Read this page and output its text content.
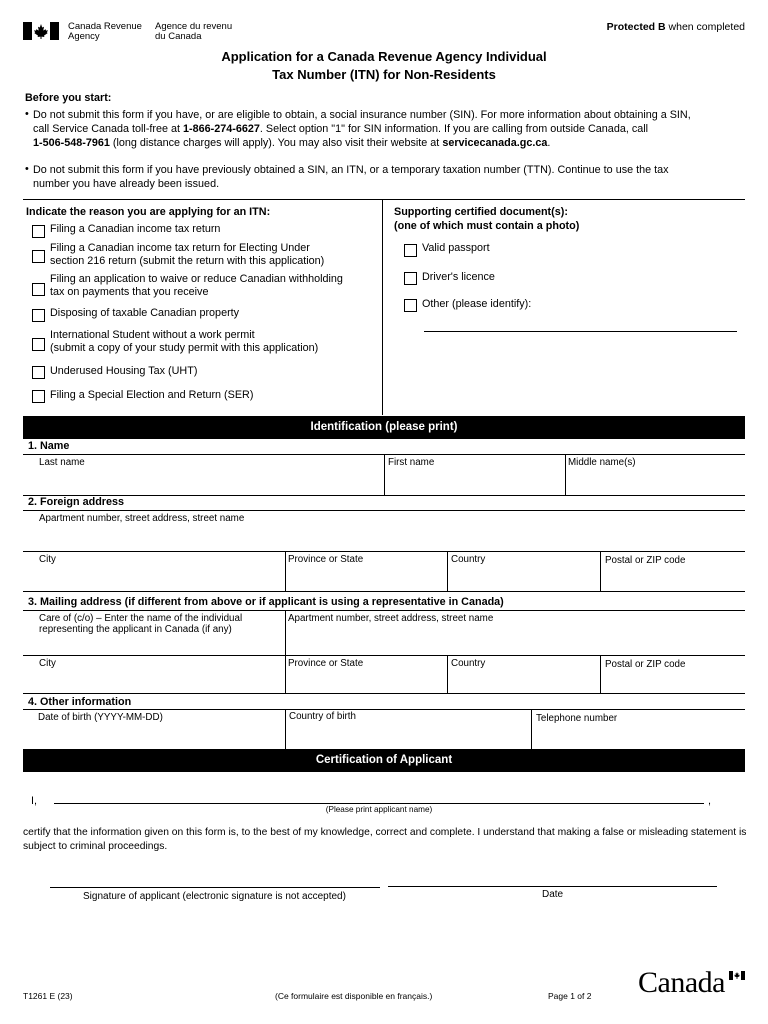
Canada Revenue
Agency
Agence du revenu
du Canada
Protected B when completed
Application for a Canada Revenue Agency Individual
Tax Number (ITN) for Non-Residents
Before you start:
• Do not submit this form if you have, or are eligible to obtain, a social insurance number (SIN). For more information about obtaining a SIN,
call Service Canada toll-free at 1-866-274-6627. Select option "1" for SIN information. If you are calling from outside Canada, call
1-506-548-7961 (long distance charges will apply). You may also visit their website at servicecanada.gc.ca.
• Do not submit this form if you have previously obtained a SIN, an ITN, or a temporary taxation number (TTN). Continue to use the tax
number you have already been issued.
Indicate the reason you are applying for an ITN:
Filing a Canadian income tax return
Filing a Canadian income tax return for Electing Under
section 216 return (submit the return with this application)
Filing an application to waive or reduce Canadian withholding
tax on payments that you receive
Disposing of taxable Canadian property
International Student without a work permit
(submit a copy of your study permit with this application)
Underused Housing Tax (UHT)
Filing a Special Election and Return (SER)
Supporting certified document(s):
(one of which must contain a photo)
Valid passport
Driver's licence
Other (please identify):
Identification (please print)
1. Name
Last name	First name	Middle name(s)
2. Foreign address
Apartment number, street address, street name
City	Province or State	Country	Postal or ZIP code
3. Mailing address (if different from above or if applicant is using a representative in Canada)
Care of (c/o) – Enter the name of the individual
representing the applicant in Canada (if any)
Apartment number, street address, street name
City	Province or State	Country	Postal or ZIP code
4. Other information
Date of birth (YYYY-MM-DD)	Country of birth	Telephone number
Certification of Applicant
I,	,
(Please print applicant name)
certify that the information given on this form is, to the best of my knowledge, correct and complete. I understand that making a false or misleading statement is
subject to criminal proceedings.
Signature of applicant (electronic signature is not accepted)	Date
T1261 E (23)	(Ce formulaire est disponible en français.)	Page 1 of 2 Canada
